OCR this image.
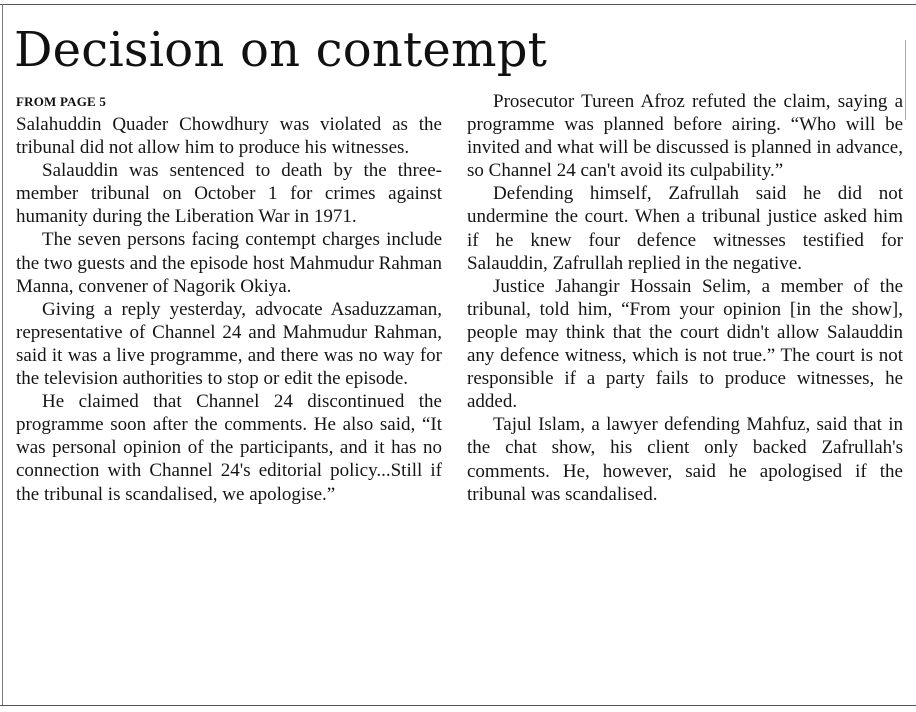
Decision on contempt
FROM PAGE 5

Salahuddin Quader Chowdhury was violated as the tribunal did not allow him to produce his witnesses.

Salauddin was sentenced to death by the three-member tribunal on October 1 for crimes against humanity during the Liberation War in 1971.

The seven persons facing contempt charges include the two guests and the episode host Mahmudur Rahman Manna, convener of Nagorik Okiya.

Giving a reply yesterday, advocate Asaduzzaman, representative of Channel 24 and Mahmudur Rahman, said it was a live programme, and there was no way for the television authorities to stop or edit the episode.

He claimed that Channel 24 discontinued the programme soon after the comments. He also said, “It was personal opinion of the participants, and it has no connection with Channel 24's editorial policy...Still if the tribunal is scandalised, we apologise.”

Prosecutor Tureen Afroz refuted the claim, saying a programme was planned before airing. “Who will be invited and what will be discussed is planned in advance, so Channel 24 can't avoid its culpability.”

Defending himself, Zafrullah said he did not undermine the court. When a tribunal justice asked him if he knew four defence witnesses testified for Salauddin, Zafrullah replied in the negative.

Justice Jahangir Hossain Selim, a member of the tribunal, told him, “From your opinion [in the show], people may think that the court didn't allow Salauddin any defence witness, which is not true.” The court is not responsible if a party fails to produce witnesses, he added.

Tajul Islam, a lawyer defending Mahfuz, said that in the chat show, his client only backed Zafrullah's comments. He, however, said he apologised if the tribunal was scandalised.
